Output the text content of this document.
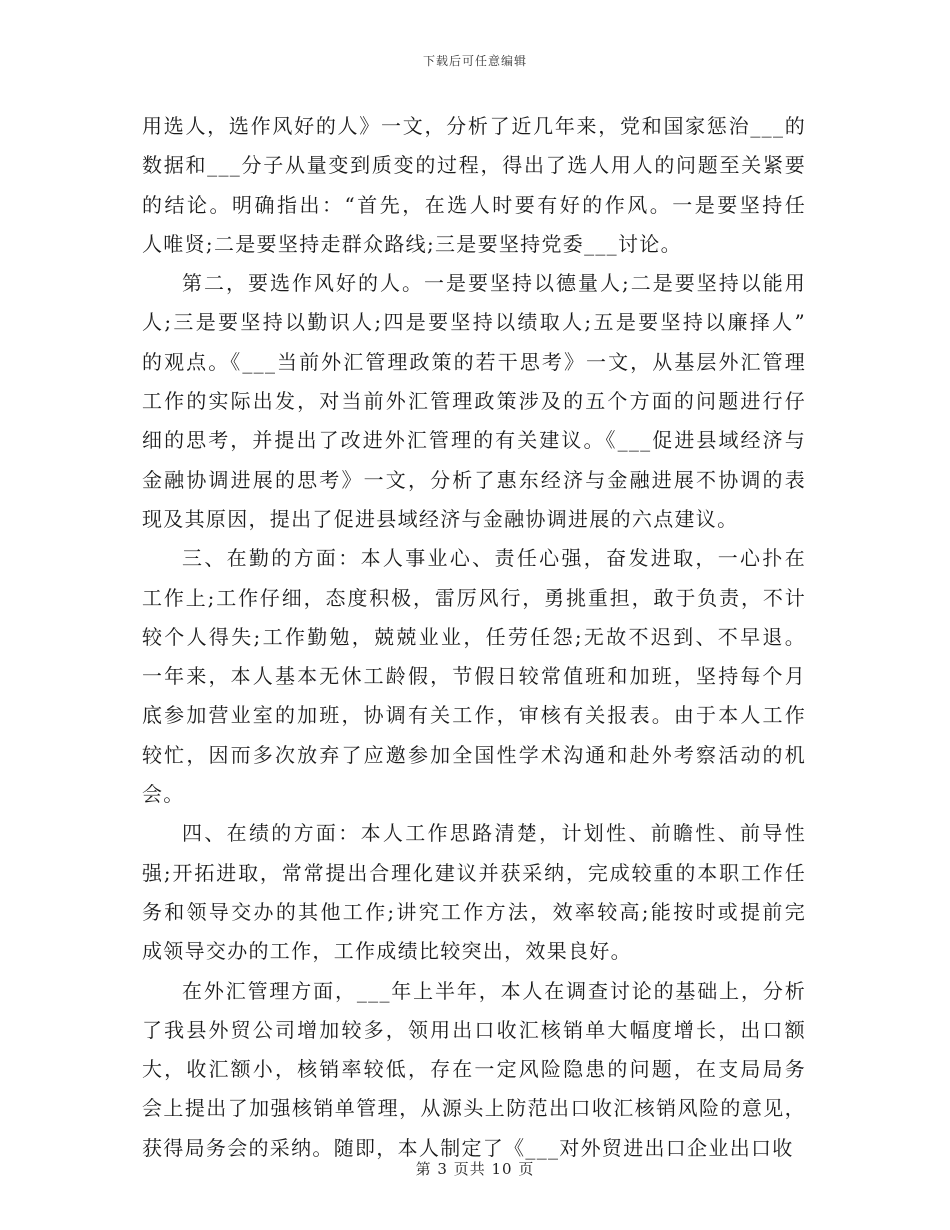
下载后可任意编辑
用选人，选作风好的人》一文，分析了近几年来，党和国家惩治___的
数据和___分子从量变到质变的过程，得出了选人用人的问题至关紧要
的结论。明确指出：“首先，在选人时要有好的作风。一是要坚持任
人唯贤;二是要坚持走群众路线;三是要坚持党委___讨论。
第二，要选作风好的人。一是要坚持以德量人;二是要坚持以能用
人;三是要坚持以勤识人;四是要坚持以绩取人;五是要坚持以廉择人”
的观点。《___当前外汇管理政策的若干思考》一文，从基层外汇管理
工作的实际出发，对当前外汇管理政策涉及的五个方面的问题进行仔
细的思考，并提出了改进外汇管理的有关建议。《___促进县域经济与
金融协调进展的思考》一文，分析了惠东经济与金融进展不协调的表
现及其原因，提出了促进县域经济与金融协调进展的六点建议。
三、在勤的方面：本人事业心、责任心强，奋发进取，一心扑在
工作上;工作仔细，态度积极，雷厉风行，勇挑重担，敢于负责，不计
较个人得失;工作勤勉，兢兢业业，任劳任怨;无故不迟到、不早退。
一年来，本人基本无休工龄假，节假日较常值班和加班，坚持每个月
底参加营业室的加班，协调有关工作，审核有关报表。由于本人工作
较忙，因而多次放弃了应邀参加全国性学术沟通和赴外考察活动的机
会。
四、在绩的方面：本人工作思路清楚，计划性、前瞻性、前导性
强;开拓进取，常常提出合理化建议并获采纳，完成较重的本职工作任
务和领导交办的其他工作;讲究工作方法，效率较高;能按时或提前完
成领导交办的工作，工作成绩比较突出，效果良好。
在外汇管理方面，___年上半年，本人在调查讨论的基础上，分析
了我县外贸公司增加较多，领用出口收汇核销单大幅度增长，出口额
大，收汇额小，核销率较低，存在一定风险隐患的问题，在支局局务
会上提出了加强核销单管理，从源头上防范出口收汇核销风险的意见，
获得局务会的采纳。随即，本人制定了《___对外贸进出口企业出口收
第 3 页共 10 页
